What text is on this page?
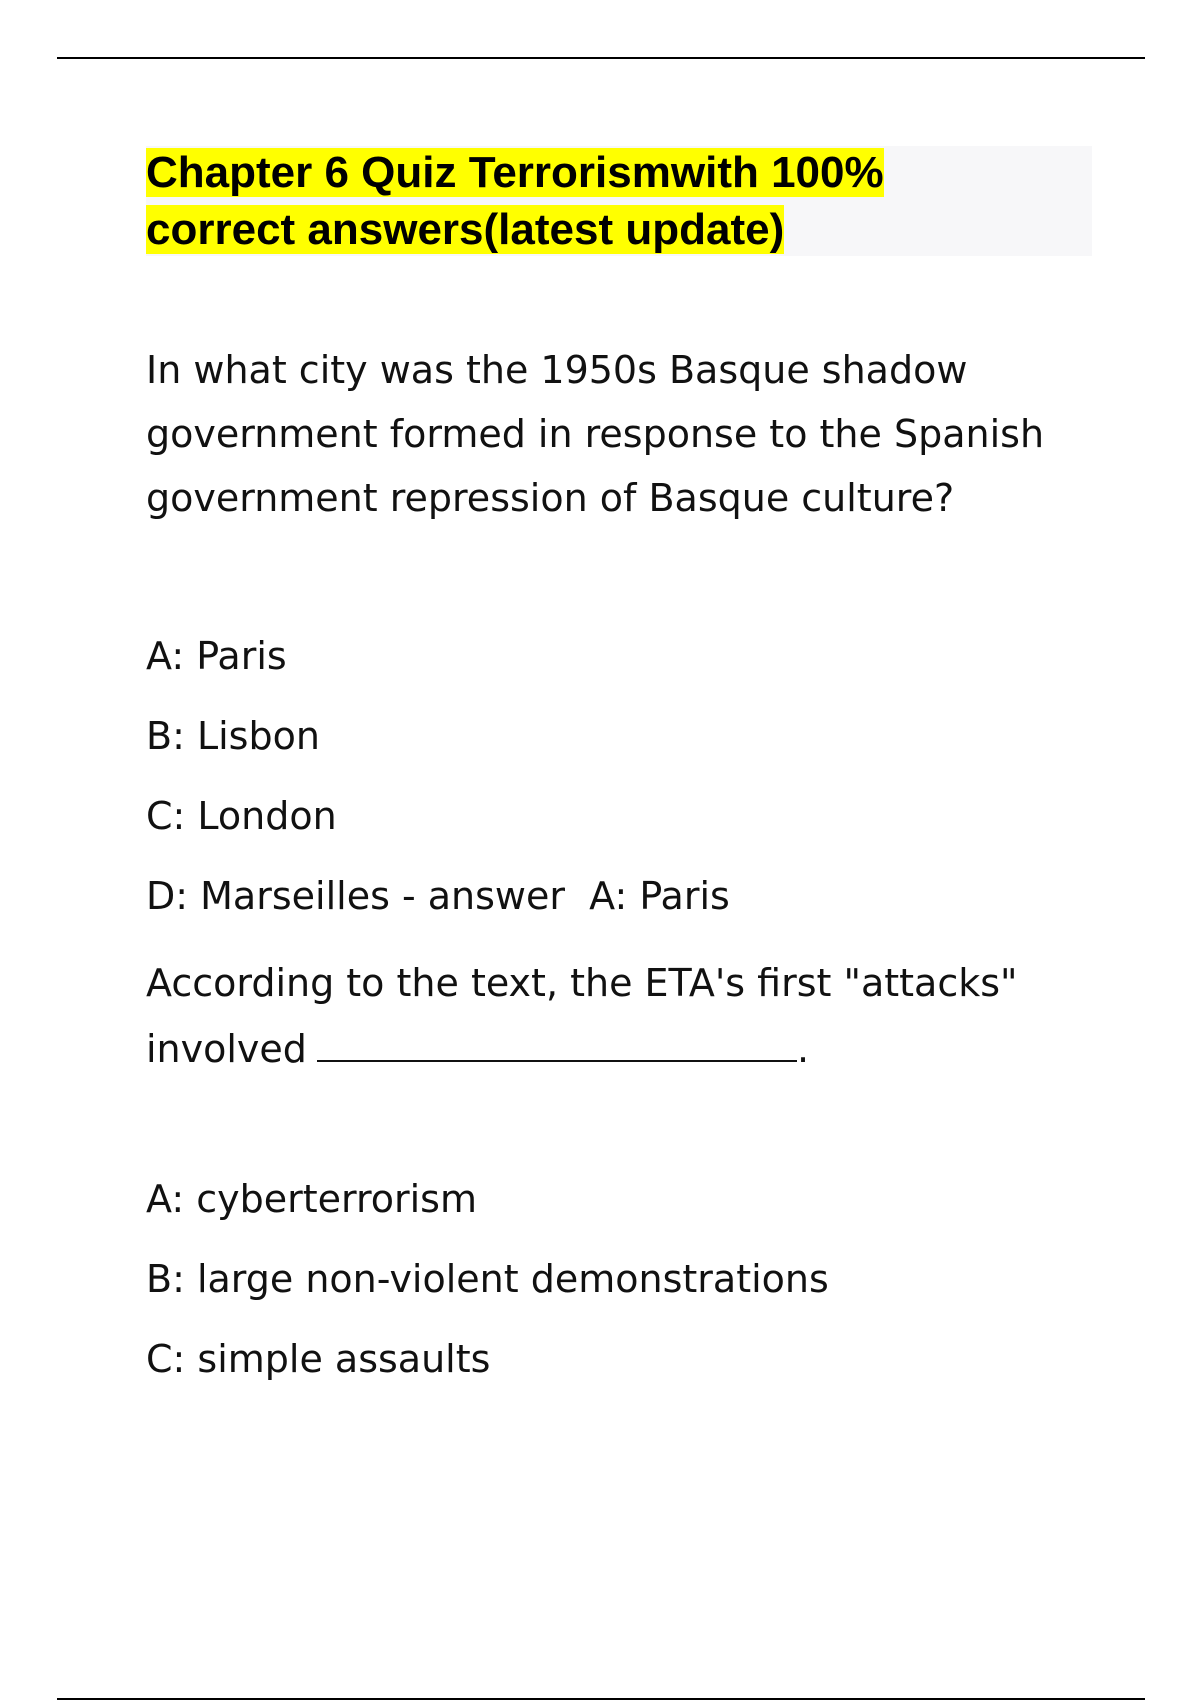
Chapter 6 Quiz Terrorismwith 100%
correct answers(latest update)
In what city was the 1950s Basque shadow government formed in response to the Spanish government repression of Basque culture?
A: Paris
B: Lisbon
C: London
D: Marseilles - answer  A: Paris
According to the text, the ETA's first "attacks" involved	.
A: cyberterrorism
B: large non-violent demonstrations
C: simple assaults
